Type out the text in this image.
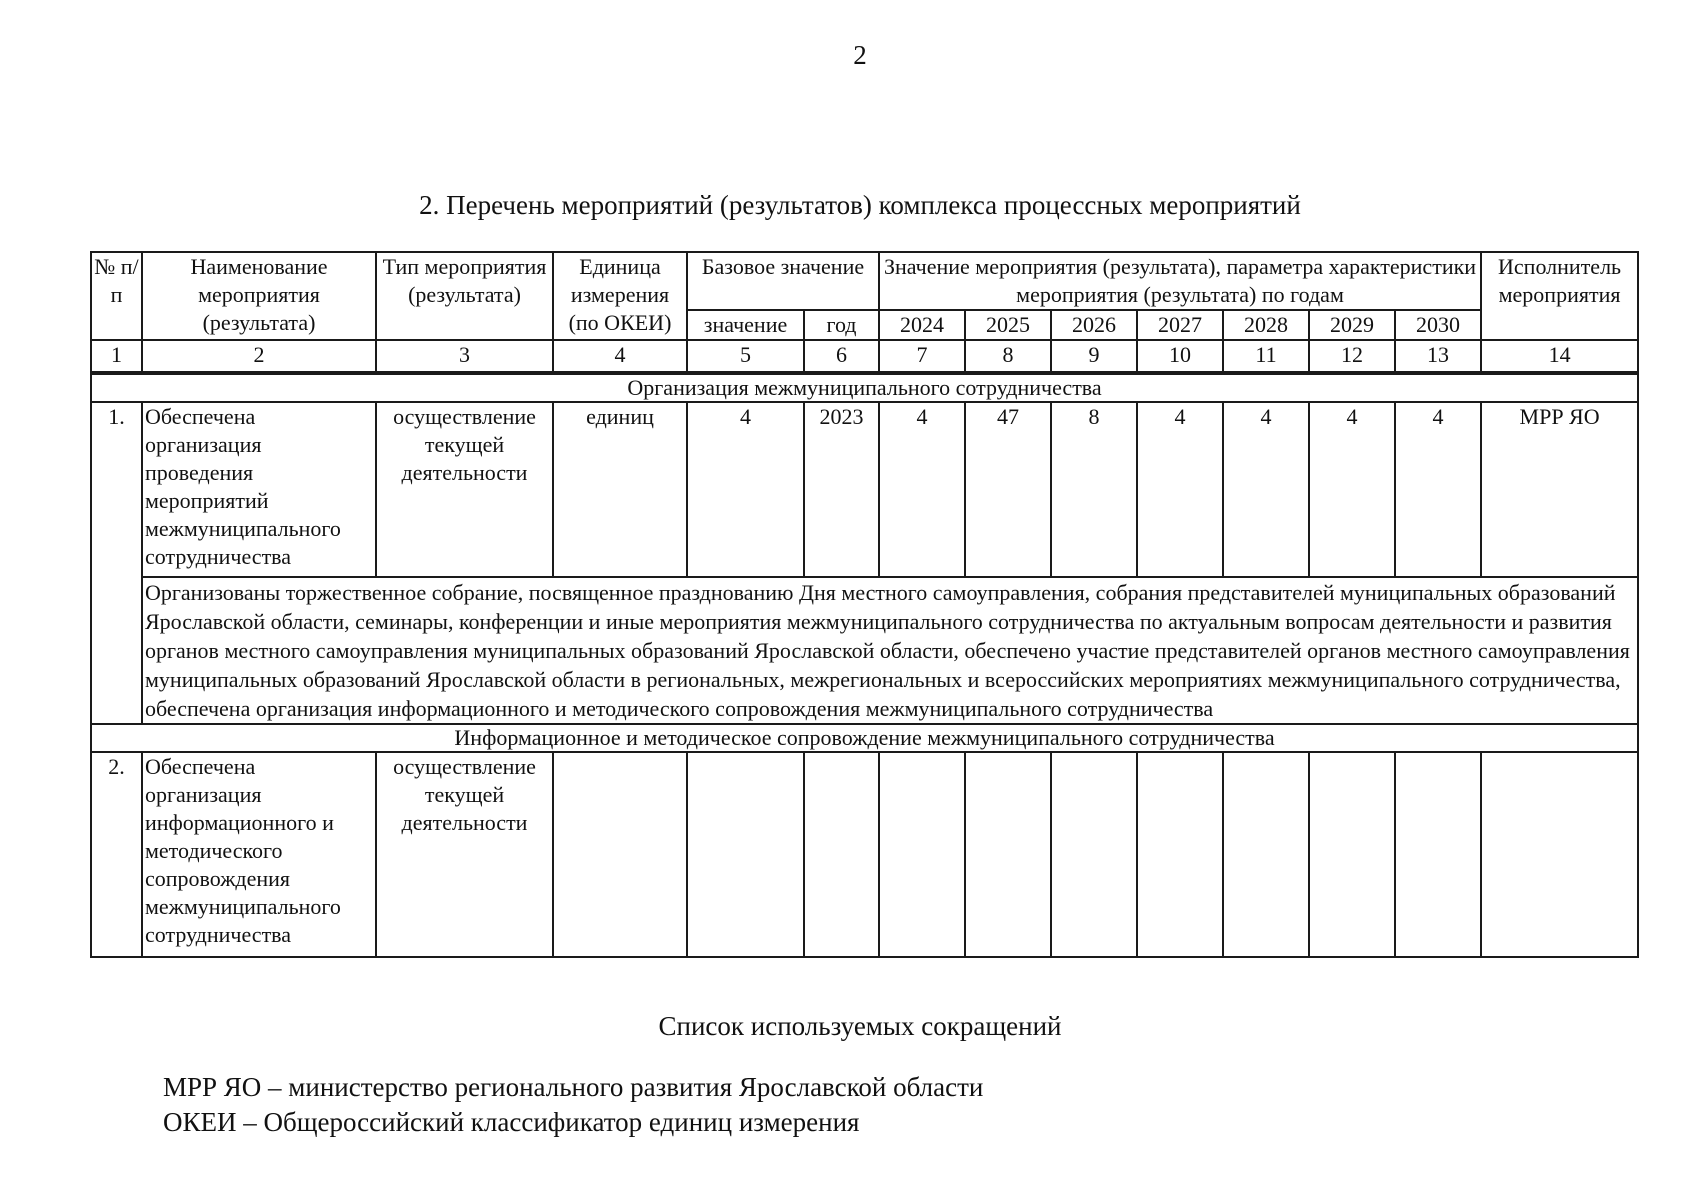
2
2. Перечень мероприятий (результатов) комплекса процессных мероприятий
№ п/п	Наименование мероприятия (результата)	Тип мероприятия (результата)	Единица измерения (по ОКЕИ)	Базовое значение		Значение мероприятия (результата), параметра характеристики мероприятия (результата) по годам							Исполнитель мероприятия

				значение	год	2024	2025	2026	2027	2028	2029	2030	
1	2	3	4	5	6	7	8	9	10	11	12	13	14
Организация межмуниципального сотрудничества													
1.	Обеспечена организация проведения мероприятий межмуниципального сотрудничества	осуществление текущей деятельности	единиц	4	2023	4	47	8	4	4	4	4	МРР ЯО
	Организованы торжественное собрание, посвященное празднованию Дня местного самоуправления, собрания представителей муниципальных образований Ярославской области, семинары, конференции и иные мероприятия межмуниципального сотрудничества по актуальным вопросам деятельности и развития органов местного самоуправления муниципальных образований Ярославской области, обеспечено участие представителей органов местного самоуправления муниципальных образований Ярославской области в региональных, межрегиональных и всероссийских мероприятиях межмуниципального сотрудничества, обеспечена организация информационного и методического сопровождения межмуниципального сотрудничества												
Информационное и методическое сопровождение межмуниципального сотрудничества													
2.	Обеспечена организация информационного и методического сопровождения межмуниципального сотрудничества	осуществление текущей деятельности											
Список используемых сокращений
МРР ЯО – министерство регионального развития Ярославской области
ОКЕИ – Общероссийский классификатор единиц измерения
